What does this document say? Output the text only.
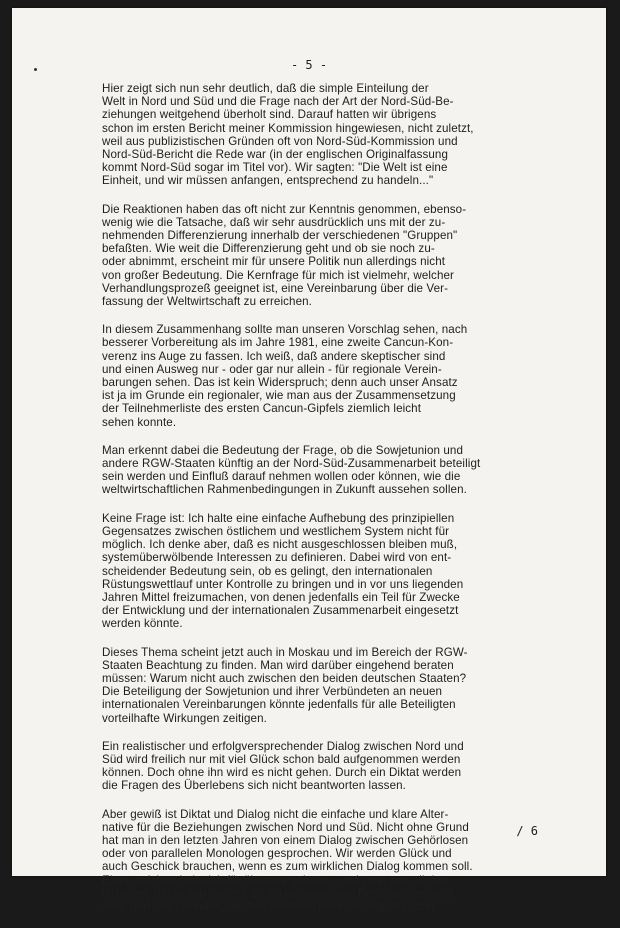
- 5 -
Hier zeigt sich nun sehr deutlich, daß die simple Einteilung der
Welt in Nord und Süd und die Frage nach der Art der Nord-Süd-Be-
ziehungen weitgehend überholt sind. Darauf hatten wir übrigens
schon im ersten Bericht meiner Kommission hingewiesen, nicht zuletzt,
weil aus publizistischen Gründen oft von Nord-Süd-Kommission und
Nord-Süd-Bericht die Rede war (in der englischen Originalfassung
kommt Nord-Süd sogar im Titel vor). Wir sagten: "Die Welt ist eine
Einheit, und wir müssen anfangen, entsprechend zu handeln..."
Die Reaktionen haben das oft nicht zur Kenntnis genommen, ebenso-
wenig wie die Tatsache, daß wir sehr ausdrücklich uns mit der zu-
nehmenden Differenzierung innerhalb der verschiedenen "Gruppen"
befaßten. Wie weit die Differenzierung geht und ob sie noch zu-
oder abnimmt, erscheint mir für unsere Politik nun allerdings nicht
von großer Bedeutung. Die Kernfrage für mich ist vielmehr, welcher
Verhandlungsprozeß geeignet ist, eine Vereinbarung über die Ver-
fassung der Weltwirtschaft zu erreichen.
In diesem Zusammenhang sollte man unseren Vorschlag sehen, nach
besserer Vorbereitung als im Jahre 1981, eine zweite Cancun-Kon-
verenz ins Auge zu fassen. Ich weiß, daß andere skeptischer sind
und einen Ausweg nur - oder gar nur allein - für regionale Verein-
barungen sehen. Das ist kein Widerspruch; denn auch unser Ansatz
ist ja im Grunde ein regionaler, wie man aus der Zusammensetzung
der Teilnehmerliste des ersten Cancun-Gipfels ziemlich leicht
sehen konnte.
Man erkennt dabei die Bedeutung der Frage, ob die Sowjetunion und
andere RGW-Staaten künftig an der Nord-Süd-Zusammenarbeit beteiligt
sein werden und Einfluß darauf nehmen wollen oder können, wie die
weltwirtschaftlichen Rahmenbedingungen in Zukunft aussehen sollen.
Keine Frage ist: Ich halte eine einfache Aufhebung des prinzipiellen
Gegensatzes zwischen östlichem und westlichem System nicht für
möglich. Ich denke aber, daß es nicht ausgeschlossen bleiben muß,
systemüberwölbende Interessen zu definieren. Dabei wird von ent-
scheidender Bedeutung sein, ob es gelingt, den internationalen
Rüstungswettlauf unter Kontrolle zu bringen und in vor uns liegenden
Jahren Mittel freizumachen, von denen jedenfalls ein Teil für Zwecke
der Entwicklung und der internationalen Zusammenarbeit eingesetzt
werden könnte.
Dieses Thema scheint jetzt auch in Moskau und im Bereich der RGW-
Staaten Beachtung zu finden. Man wird darüber eingehend beraten
müssen: Warum nicht auch zwischen den beiden deutschen Staaten?
Die Beteiligung der Sowjetunion und ihrer Verbündeten an neuen
internationalen Vereinbarungen könnte jedenfalls für alle Beteiligten
vorteilhafte Wirkungen zeitigen.
Ein realistischer und erfolgversprechender Dialog zwischen Nord und
Süd wird freilich nur mit viel Glück schon bald aufgenommen werden
können. Doch ohne ihn wird es nicht gehen. Durch ein Diktat werden
die Fragen des Überlebens sich nicht beantworten lassen.
Aber gewiß ist Diktat und Dialog nicht die einfache und klare Alter-
native für die Beziehungen zwischen Nord und Süd. Nicht ohne Grund
hat man in den letzten Jahren von einem Dialog zwischen Gehörlosen
oder von parallelen Monologen gesprochen. Wir werden Glück und
auch Geschick brauchen, wenn es zum wirklichen Dialog kommen soll.
Einen solchen halte ich für überaus geboten, und zwar aus all den
Gründen, die in den von mir zu verantwortenden Berichten genannt
sind, und aus Gründen, die den weiteren Bereich weltpolitischer
/ 6
